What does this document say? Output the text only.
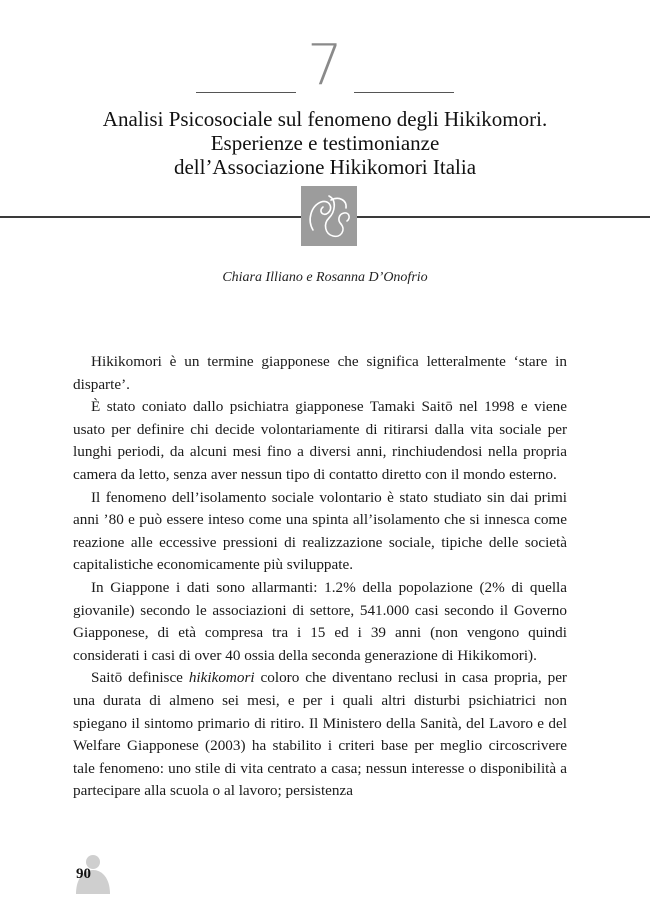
7
Analisi Psicosociale sul fenomeno degli Hikikomori.
Esperienze e testimonianze
dell’Associazione Hikikomori Italia
Chiara Illiano e Rosanna D’Onofrio

Hikikomori è un termine giapponese che significa letteralmente ‘stare in disparte’.

È stato coniato dallo psichiatra giapponese Tamaki Saitō nel 1998 e viene usato per definire chi decide volontariamente di ritirarsi dalla vita sociale per lunghi periodi, da alcuni mesi fino a diversi anni, rinchiudendosi nella propria camera da letto, senza aver nessun tipo di contatto diretto con il mondo esterno.

Il fenomeno dell’isolamento sociale volontario è stato studiato sin dai primi anni ’80 e può essere inteso come una spinta all’isolamento che si innesca come reazione alle eccessive pressioni di realizzazione sociale, tipiche delle società capitalistiche economicamente più sviluppate.

In Giappone i dati sono allarmanti: 1.2% della popolazione (2% di quella giovanile) secondo le associazioni di settore, 541.000 casi secondo il Governo Giapponese, di età compresa tra i 15 ed i 39 anni (non vengono quindi considerati i casi di over 40 ossia della seconda generazione di Hikikomori).

Saitō definisce hikikomori coloro che diventano reclusi in casa propria, per una durata di almeno sei mesi, e per i quali altri disturbi psichiatrici non spiegano il sintomo primario di ritiro. Il Ministero della Sanità, del Lavoro e del Welfare Giapponese (2003) ha stabilito i criteri base per meglio circoscrivere tale fenomeno: uno stile di vita centrato a casa; nessun interesse o disponibilità a partecipare alla scuola o al lavoro; persistenza

90
